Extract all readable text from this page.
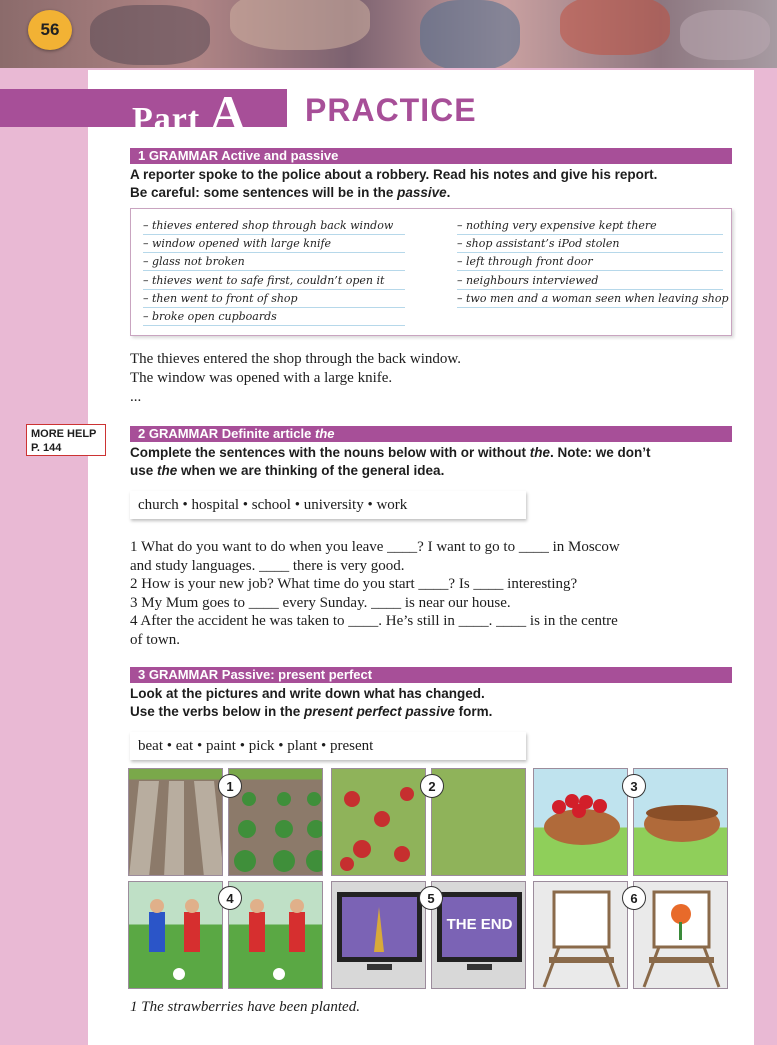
56
Part A PRACTICE
1 GRAMMAR Active and passive
A reporter spoke to the police about a robbery. Read his notes and give his report.
Be careful: some sentences will be in the passive.
– thieves entered shop through back window
– window opened with large knife
– glass not broken
– thieves went to safe first, couldn’t open it
– then went to front of shop
– broke open cupboards
– nothing very expensive kept there
– shop assistant’s iPod stolen
– left through front door
– neighbours interviewed
– two men and a woman seen when leaving shop
The thieves entered the shop through the back window.
The window was opened with a large knife.
...
MORE HELP
P. 144
2 GRAMMAR Definite article the
Complete the sentences with the nouns below with or without the. Note: we don’t
use the when we are thinking of the general idea.
church • hospital • school • university • work
1 What do you want to do when you leave ____? I want to go to ____ in Moscow
and study languages. ____ there is very good.
2 How is your new job? What time do you start ____? Is ____ interesting?
3 My Mum goes to ____ every Sunday. ____ is near our house.
4 After the accident he was taken to ____. He’s still in ____. ____ is in the centre
of town.
3 GRAMMAR Passive: present perfect
Look at the pictures and write down what has changed.
Use the verbs below in the present perfect passive form.
beat • eat • paint • pick • plant • present
1	2	3
4
THE END
5	6
1 The strawberries have been planted.
